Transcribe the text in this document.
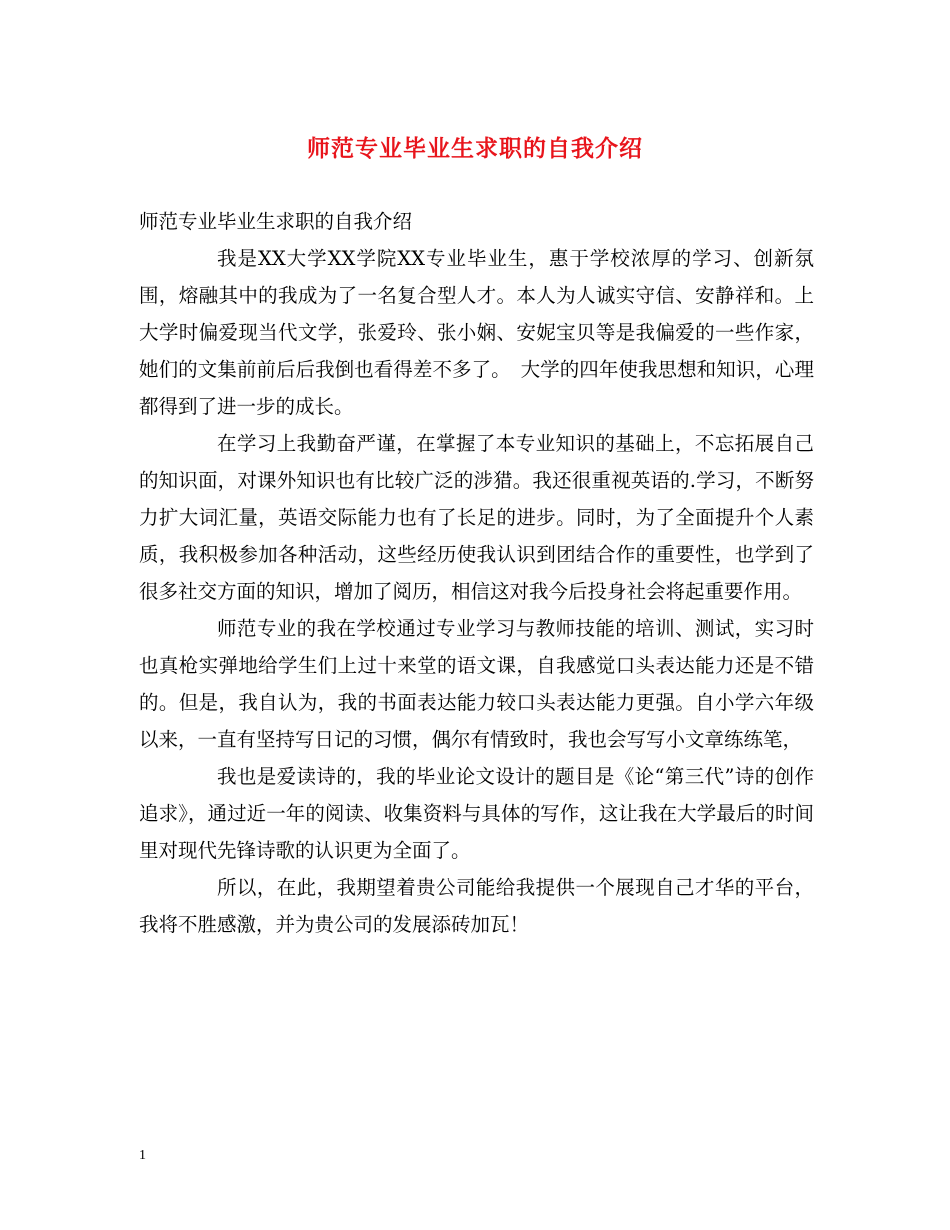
师范专业毕业生求职的自我介绍

师范专业毕业生求职的自我介绍

我是XX大学XX学院XX专业毕业生，惠于学校浓厚的学习、创新氛围，熔融其中的我成为了一名复合型人才。本人为人诚实守信、安静祥和。上大学时偏爱现当代文学，张爱玲、张小娴、安妮宝贝等是我偏爱的一些作家，她们的文集前前后后我倒也看得差不多了。　大学的四年使我思想和知识，心理都得到了进一步的成长。

在学习上我勤奋严谨，在掌握了本专业知识的基础上，不忘拓展自己的知识面，对课外知识也有比较广泛的涉猎。我还很重视英语的.学习，不断努力扩大词汇量，英语交际能力也有了长足的进步。同时，为了全面提升个人素质，我积极参加各种活动，这些经历使我认识到团结合作的重要性，也学到了很多社交方面的知识，增加了阅历，相信这对我今后投身社会将起重要作用。

师范专业的我在学校通过专业学习与教师技能的培训、测试，实习时也真枪实弹地给学生们上过十来堂的语文课，自我感觉口头表达能力还是不错的。但是，我自认为，我的书面表达能力较口头表达能力更强。自小学六年级以来，一直有坚持写日记的习惯，偶尔有情致时，我也会写写小文章练练笔，

我也是爱读诗的，我的毕业论文设计的题目是《论“第三代”诗的创作追求》，通过近一年的阅读、收集资料与具体的写作，这让我在大学最后的时间里对现代先锋诗歌的认识更为全面了。

所以，在此，我期望着贵公司能给我提供一个展现自己才华的平台，我将不胜感激，并为贵公司的发展添砖加瓦！

1
